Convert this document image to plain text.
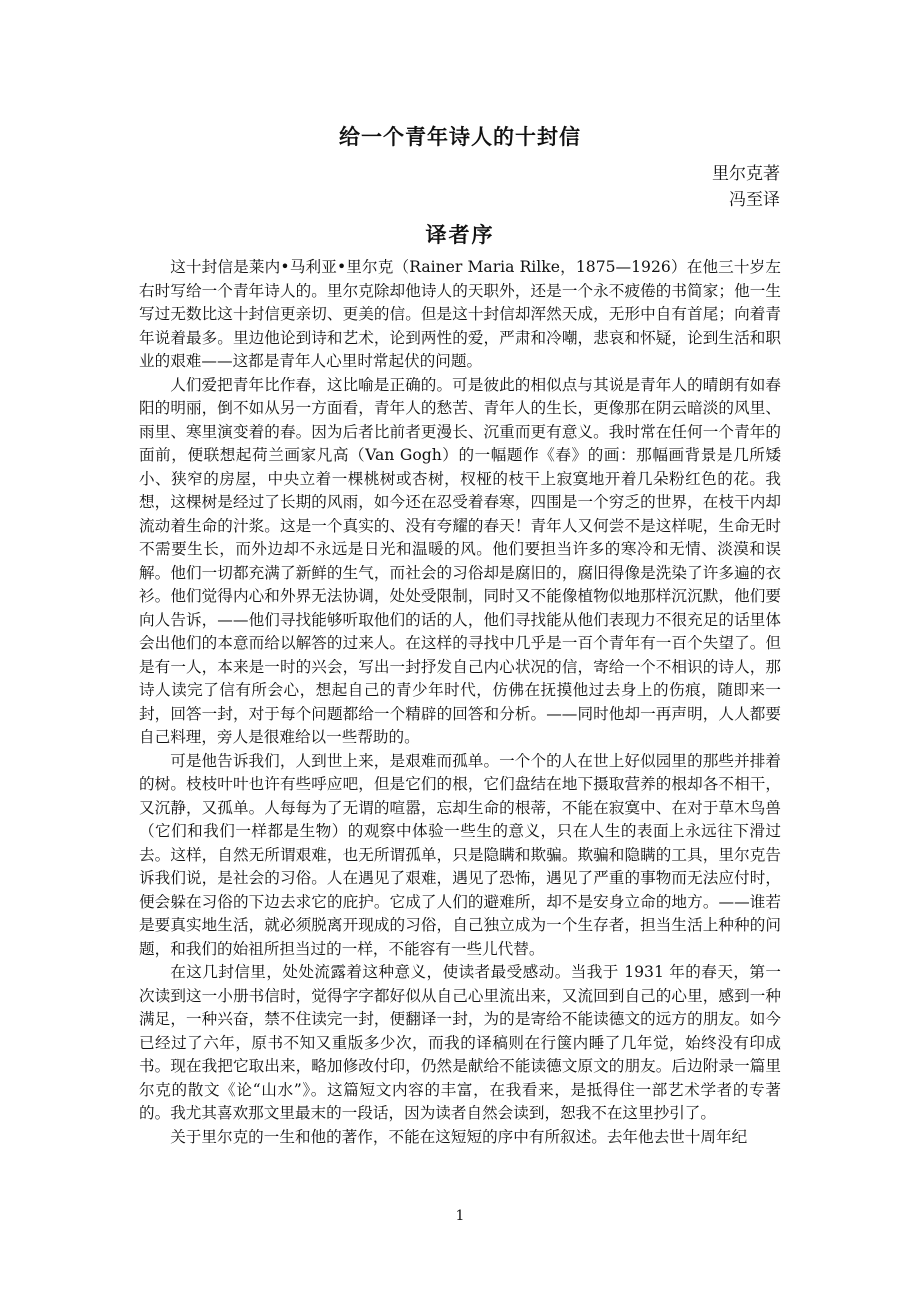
给一个青年诗人的十封信

里尔克著

冯至译

译者序

这十封信是莱内•马利亚•里尔克（Rainer Maria Rilke，1875—1926）在他三十岁左右时写给一个青年诗人的。里尔克除却他诗人的天职外，还是一个永不疲倦的书简家；他一生写过无数比这十封信更亲切、更美的信。但是这十封信却浑然天成，无形中自有首尾；向着青年说着最多。里边他论到诗和艺术，论到两性的爱，严肃和冷嘲，悲哀和怀疑，论到生活和职业的艰难——这都是青年人心里时常起伏的问题。

人们爱把青年比作春，这比喻是正确的。可是彼此的相似点与其说是青年人的晴朗有如春阳的明丽，倒不如从另一方面看，青年人的愁苦、青年人的生长，更像那在阴云暗淡的风里、雨里、寒里演变着的春。因为后者比前者更漫长、沉重而更有意义。我时常在任何一个青年的面前，便联想起荷兰画家凡高（Van Gogh）的一幅题作《春》的画：那幅画背景是几所矮小、狭窄的房屋，中央立着一棵桃树或杏树，杈桠的枝干上寂寞地开着几朵粉红色的花。我想，这棵树是经过了长期的风雨，如今还在忍受着春寒，四围是一个穷乏的世界，在枝干内却流动着生命的汁浆。这是一个真实的、没有夸耀的春天！青年人又何尝不是这样呢，生命无时不需要生长，而外边却不永远是日光和温暖的风。他们要担当许多的寒冷和无情、淡漠和误解。他们一切都充满了新鲜的生气，而社会的习俗却是腐旧的，腐旧得像是洗染了许多遍的衣衫。他们觉得内心和外界无法协调，处处受限制，同时又不能像植物似地那样沉沉默，他们要向人告诉，——他们寻找能够听取他们的话的人，他们寻找能从他们表现力不很充足的话里体会出他们的本意而给以解答的过来人。在这样的寻找中几乎是一百个青年有一百个失望了。但是有一人，本来是一时的兴会，写出一封抒发自己内心状况的信，寄给一个不相识的诗人，那诗人读完了信有所会心，想起自己的青少年时代，仿佛在抚摸他过去身上的伤痕，随即来一封，回答一封，对于每个问题都给一个精辟的回答和分析。——同时他却一再声明，人人都要自己料理，旁人是很难给以一些帮助的。

可是他告诉我们，人到世上来，是艰难而孤单。一个个的人在世上好似园里的那些并排着的树。枝枝叶叶也许有些呼应吧，但是它们的根，它们盘结在地下摄取营养的根却各不相干，又沉静，又孤单。人每每为了无谓的喧嚣，忘却生命的根蒂，不能在寂寞中、在对于草木鸟兽（它们和我们一样都是生物）的观察中体验一些生的意义，只在人生的表面上永远往下滑过去。这样，自然无所谓艰难，也无所谓孤单，只是隐瞒和欺骗。欺骗和隐瞒的工具，里尔克告诉我们说，是社会的习俗。人在遇见了艰难，遇见了恐怖，遇见了严重的事物而无法应付时，便会躲在习俗的下边去求它的庇护。它成了人们的避难所，却不是安身立命的地方。——谁若是要真实地生活，就必须脱离开现成的习俗，自己独立成为一个生存者，担当生活上种种的问题，和我们的始祖所担当过的一样，不能容有一些儿代替。

在这几封信里，处处流露着这种意义，使读者最受感动。当我于 1931 年的春天，第一次读到这一小册书信时，觉得字字都好似从自己心里流出来，又流回到自己的心里，感到一种满足，一种兴奋，禁不住读完一封，便翻译一封，为的是寄给不能读德文的远方的朋友。如今已经过了六年，原书不知又重版多少次，而我的译稿则在行箧内睡了几年觉，始终没有印成书。现在我把它取出来，略加修改付印，仍然是献给不能读德文原文的朋友。后边附录一篇里尔克的散文《论“山水”》。这篇短文内容的丰富，在我看来，是抵得住一部艺术学者的专著的。我尤其喜欢那文里最末的一段话，因为读者自然会读到，恕我不在这里抄引了。

关于里尔克的一生和他的著作，不能在这短短的序中有所叙述。去年他去世十周年纪

1
